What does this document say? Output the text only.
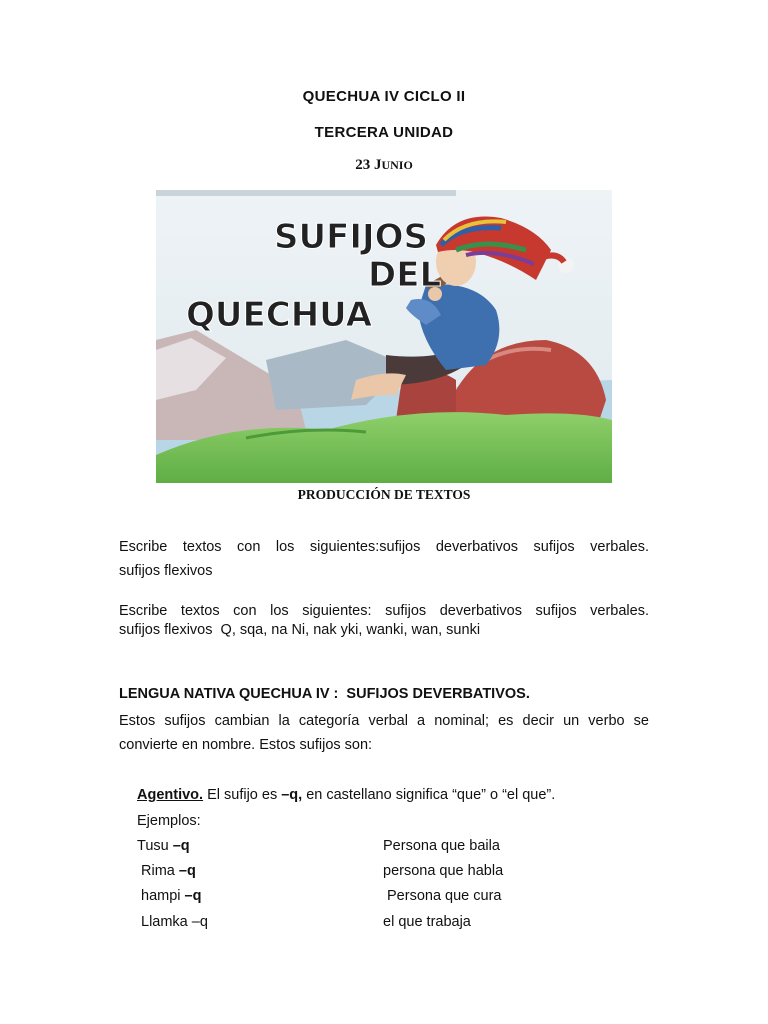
QUECHUA IV CICLO II
TERCERA UNIDAD
23 JUNIO
SUFIJOS
DEL
QUECHUA
PRODUCCIÓN DE TEXTOS
Escribe textos con los siguientes:sufijos deverbativos sufijos verbales.
sufijos flexivos
Escribe textos con los siguientes: sufijos deverbativos sufijos verbales.
sufijos flexivos  Q, sqa, na Ni, nak yki, wanki, wan, sunki
LENGUA NATIVA QUECHUA IV :  SUFIJOS DEVERBATIVOS.
Estos sufijos cambian la categoría verbal a nominal; es decir un verbo se
convierte en nombre. Estos sufijos son:
Agentivo. El sufijo es –q, en castellano significa “que” o “el que”.
Ejemplos:
Tusu –q	Persona que baila
Rima –q	persona que habla
hampi –q	Persona que cura
Llamka –q	el que trabaja
